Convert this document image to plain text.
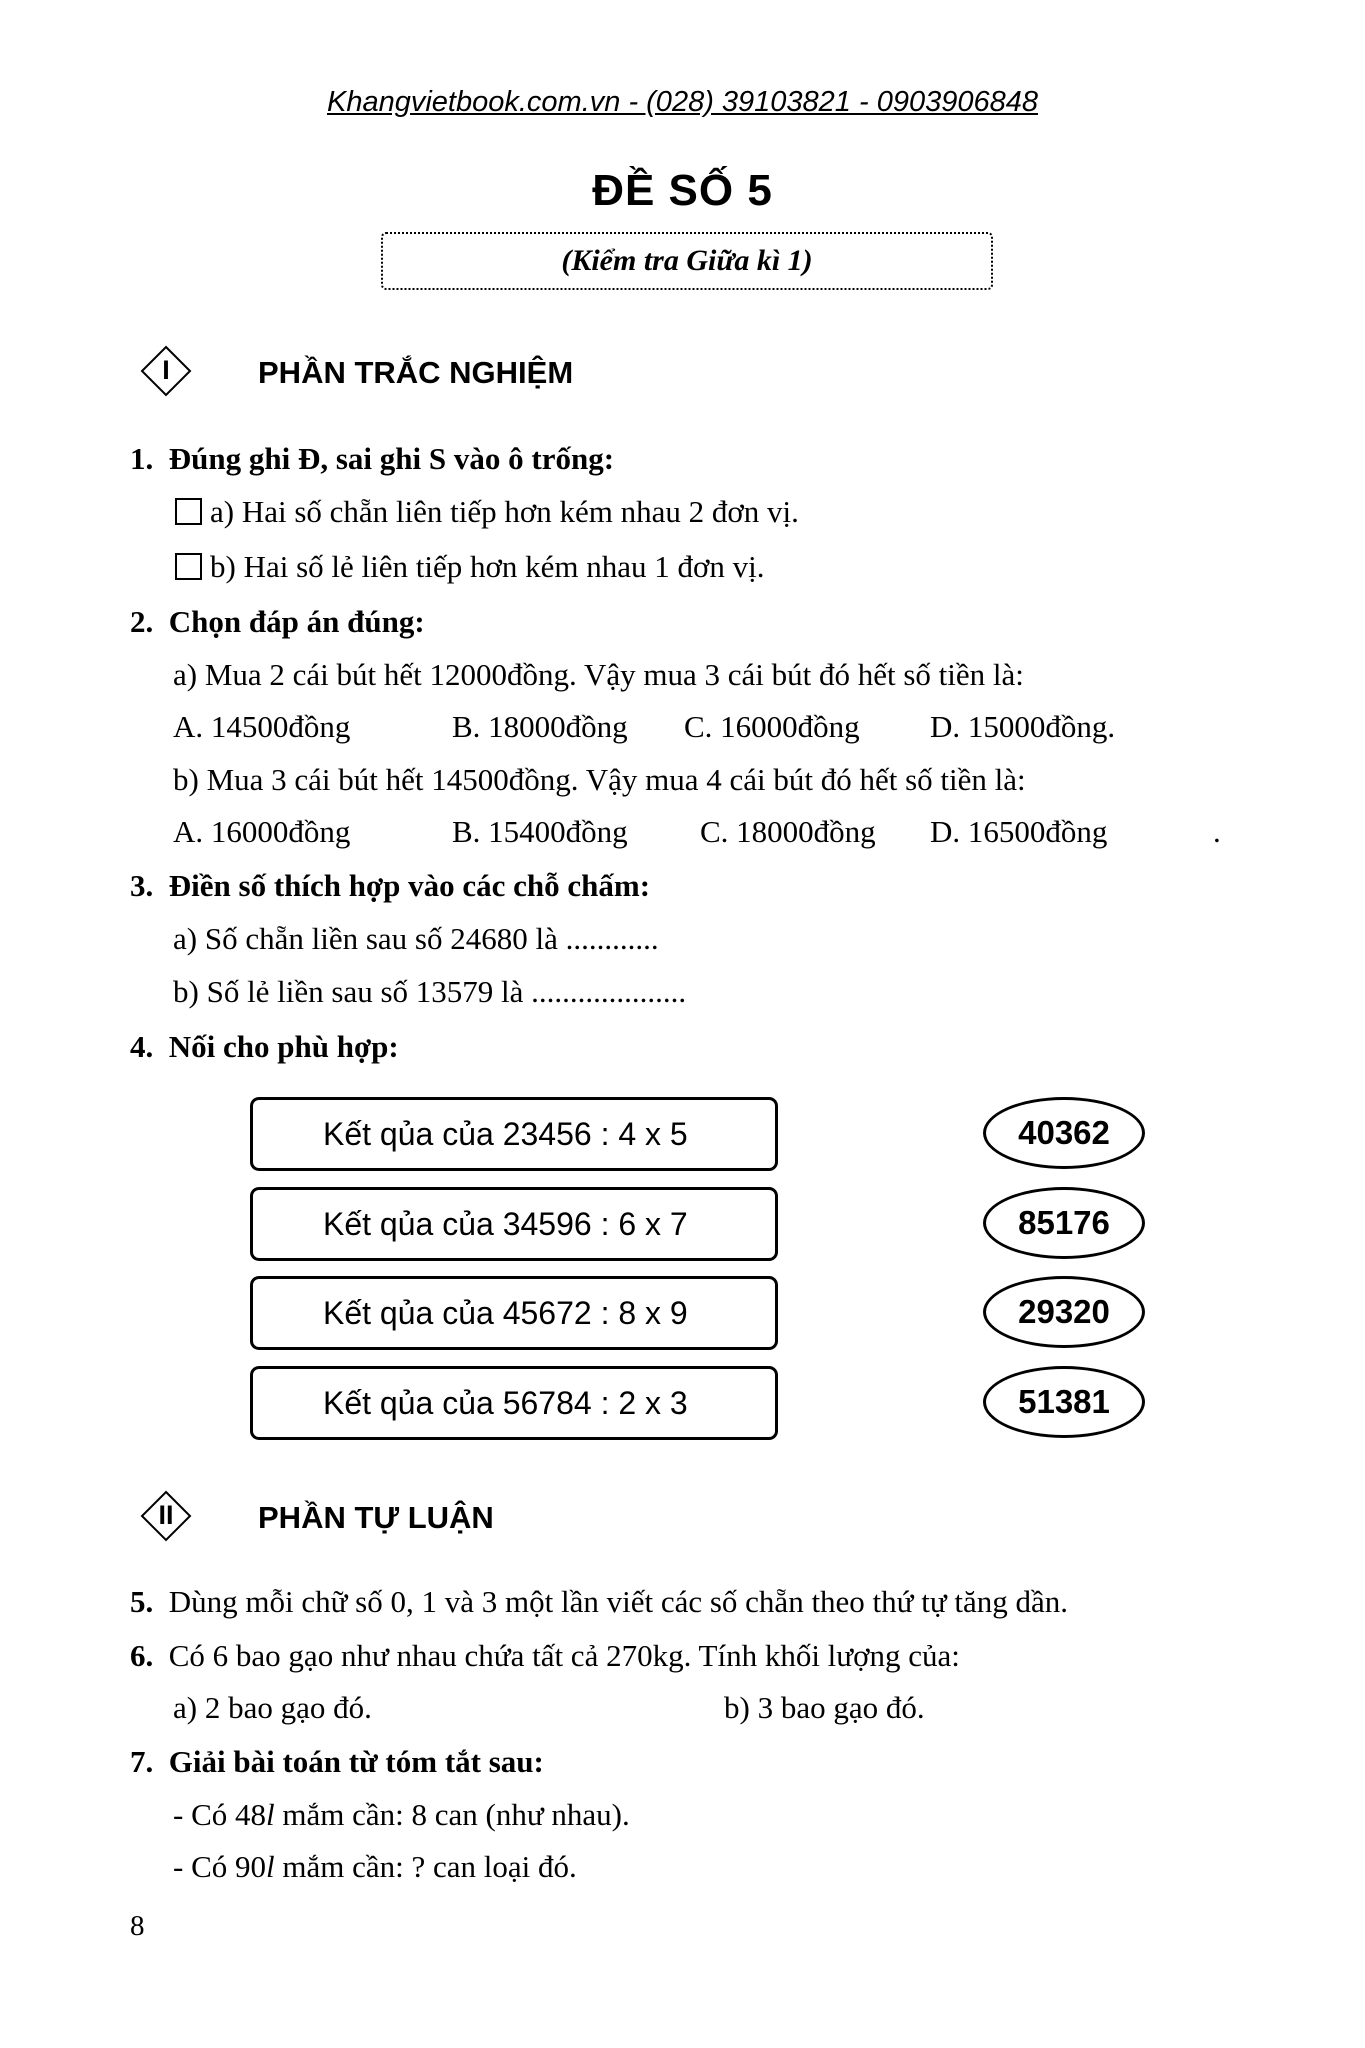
Khangvietbook.com.vn - (028) 39103821 - 0903906848
ĐỀ SỐ 5
(Kiểm tra Giữa kì 1)
I	PHẦN TRẮC NGHIỆM
1. Đúng ghi Đ, sai ghi S vào ô trống:
a) Hai số chẵn liên tiếp hơn kém nhau 2 đơn vị.
b) Hai số lẻ liên tiếp hơn kém nhau 1 đơn vị.
2. Chọn đáp án đúng:
a) Mua 2 cái bút hết 12000đồng. Vậy mua 3 cái bút đó hết số tiền là:
A. 14500đồng	B. 18000đồng C. 16000đồng D. 15000đồng.
b) Mua 3 cái bút hết 14500đồng. Vậy mua 4 cái bút đó hết số tiền là:
A. 16000đồng	B. 15400đồng C. 18000đồng D. 16500đồng	.
3. Điền số thích hợp vào các chỗ chấm:
a) Số chẵn liền sau số 24680 là ............
b) Số lẻ liền sau số 13579 là ....................
4. Nối cho phù hợp:
Kết qủa của 23456 : 4 x 5
Kết qủa của 34596 : 6 x 7
Kết qủa của 45672 : 8 x 9
Kết qủa của 56784 : 2 x 3
40362
85176
29320
51381
II	PHẦN TỰ LUẬN
5. Dùng mỗi chữ số 0, 1 và 3 một lần viết các số chẵn theo thứ tự tăng dần.
6. Có 6 bao gạo như nhau chứa tất cả 270kg. Tính khối lượng của:
a) 2 bao gạo đó.	b) 3 bao gạo đó.
7. Giải bài toán từ tóm tắt sau:
- Có 48l mắm cần: 8 can (như nhau).
- Có 90l mắm cần: ? can loại đó.
8
